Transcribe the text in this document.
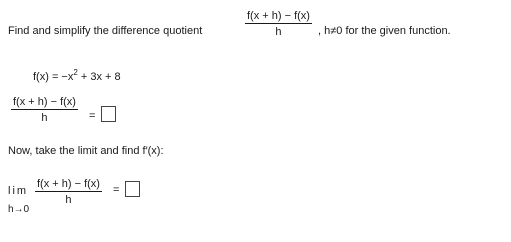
Find and simplify the difference quotient
f(x + h) − f(x)
h	, h≠0 for the given function.
$f(x) = -x^2 + 3x + 8$
f(x + h) − f(x)
h	=
Now, take the limit and find f′(x):
lim
h→0
f(x + h) − f(x)
h
=
